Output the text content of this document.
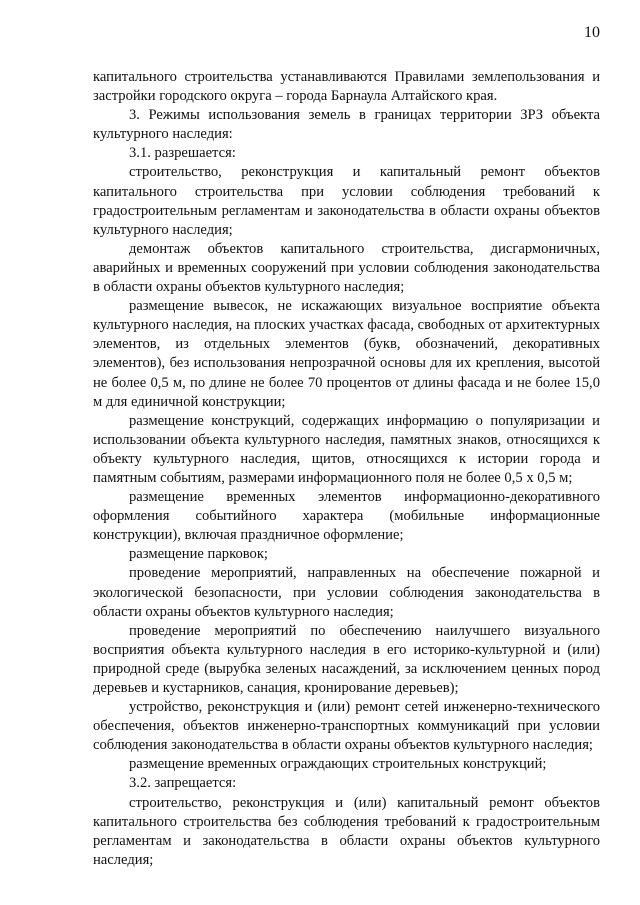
10

капитального строительства устанавливаются Правилами землепользования и застройки городского округа – города Барнаула Алтайского края.

3. Режимы использования земель в границах территории ЗРЗ объекта культурного наследия:

3.1. разрешается:

строительство, реконструкция и капитальный ремонт объектов капитального строительства при условии соблюдения требований к градостроительным регламентам и законодательства в области охраны объектов культурного наследия;

демонтаж объектов капитального строительства, дисгармоничных, аварийных и временных сооружений при условии соблюдения законодательства в области охраны объектов культурного наследия;

размещение вывесок, не искажающих визуальное восприятие объекта культурного наследия, на плоских участках фасада, свободных от архитектурных элементов, из отдельных элементов (букв, обозначений, декоративных элементов), без использования непрозрачной основы для их крепления, высотой не более 0,5 м, по длине не более 70 процентов от длины фасада и не более 15,0 м для единичной конструкции;

размещение конструкций, содержащих информацию о популяризации и использовании объекта культурного наследия, памятных знаков, относящихся к объекту культурного наследия, щитов, относящихся к истории города и памятным событиям, размерами информационного поля не более 0,5 х 0,5 м;

размещение временных элементов информационно-декоративного оформления событийного характера (мобильные информационные конструкции), включая праздничное оформление;

размещение парковок;

проведение мероприятий, направленных на обеспечение пожарной и экологической безопасности, при условии соблюдения законодательства в области охраны объектов культурного наследия;

проведение мероприятий по обеспечению наилучшего визуального восприятия объекта культурного наследия в его историко-культурной и (или) природной среде (вырубка зеленых насаждений, за исключением ценных пород деревьев и кустарников, санация, кронирование деревьев);

устройство, реконструкция и (или) ремонт сетей инженерно-технического обеспечения, объектов инженерно-транспортных коммуникаций при условии соблюдения законодательства в области охраны объектов культурного наследия;

размещение временных ограждающих строительных конструкций;

3.2. запрещается:

строительство, реконструкция и (или) капитальный ремонт объектов капитального строительства без соблюдения требований к градостроительным регламентам и законодательства в области охраны объектов культурного наследия;
